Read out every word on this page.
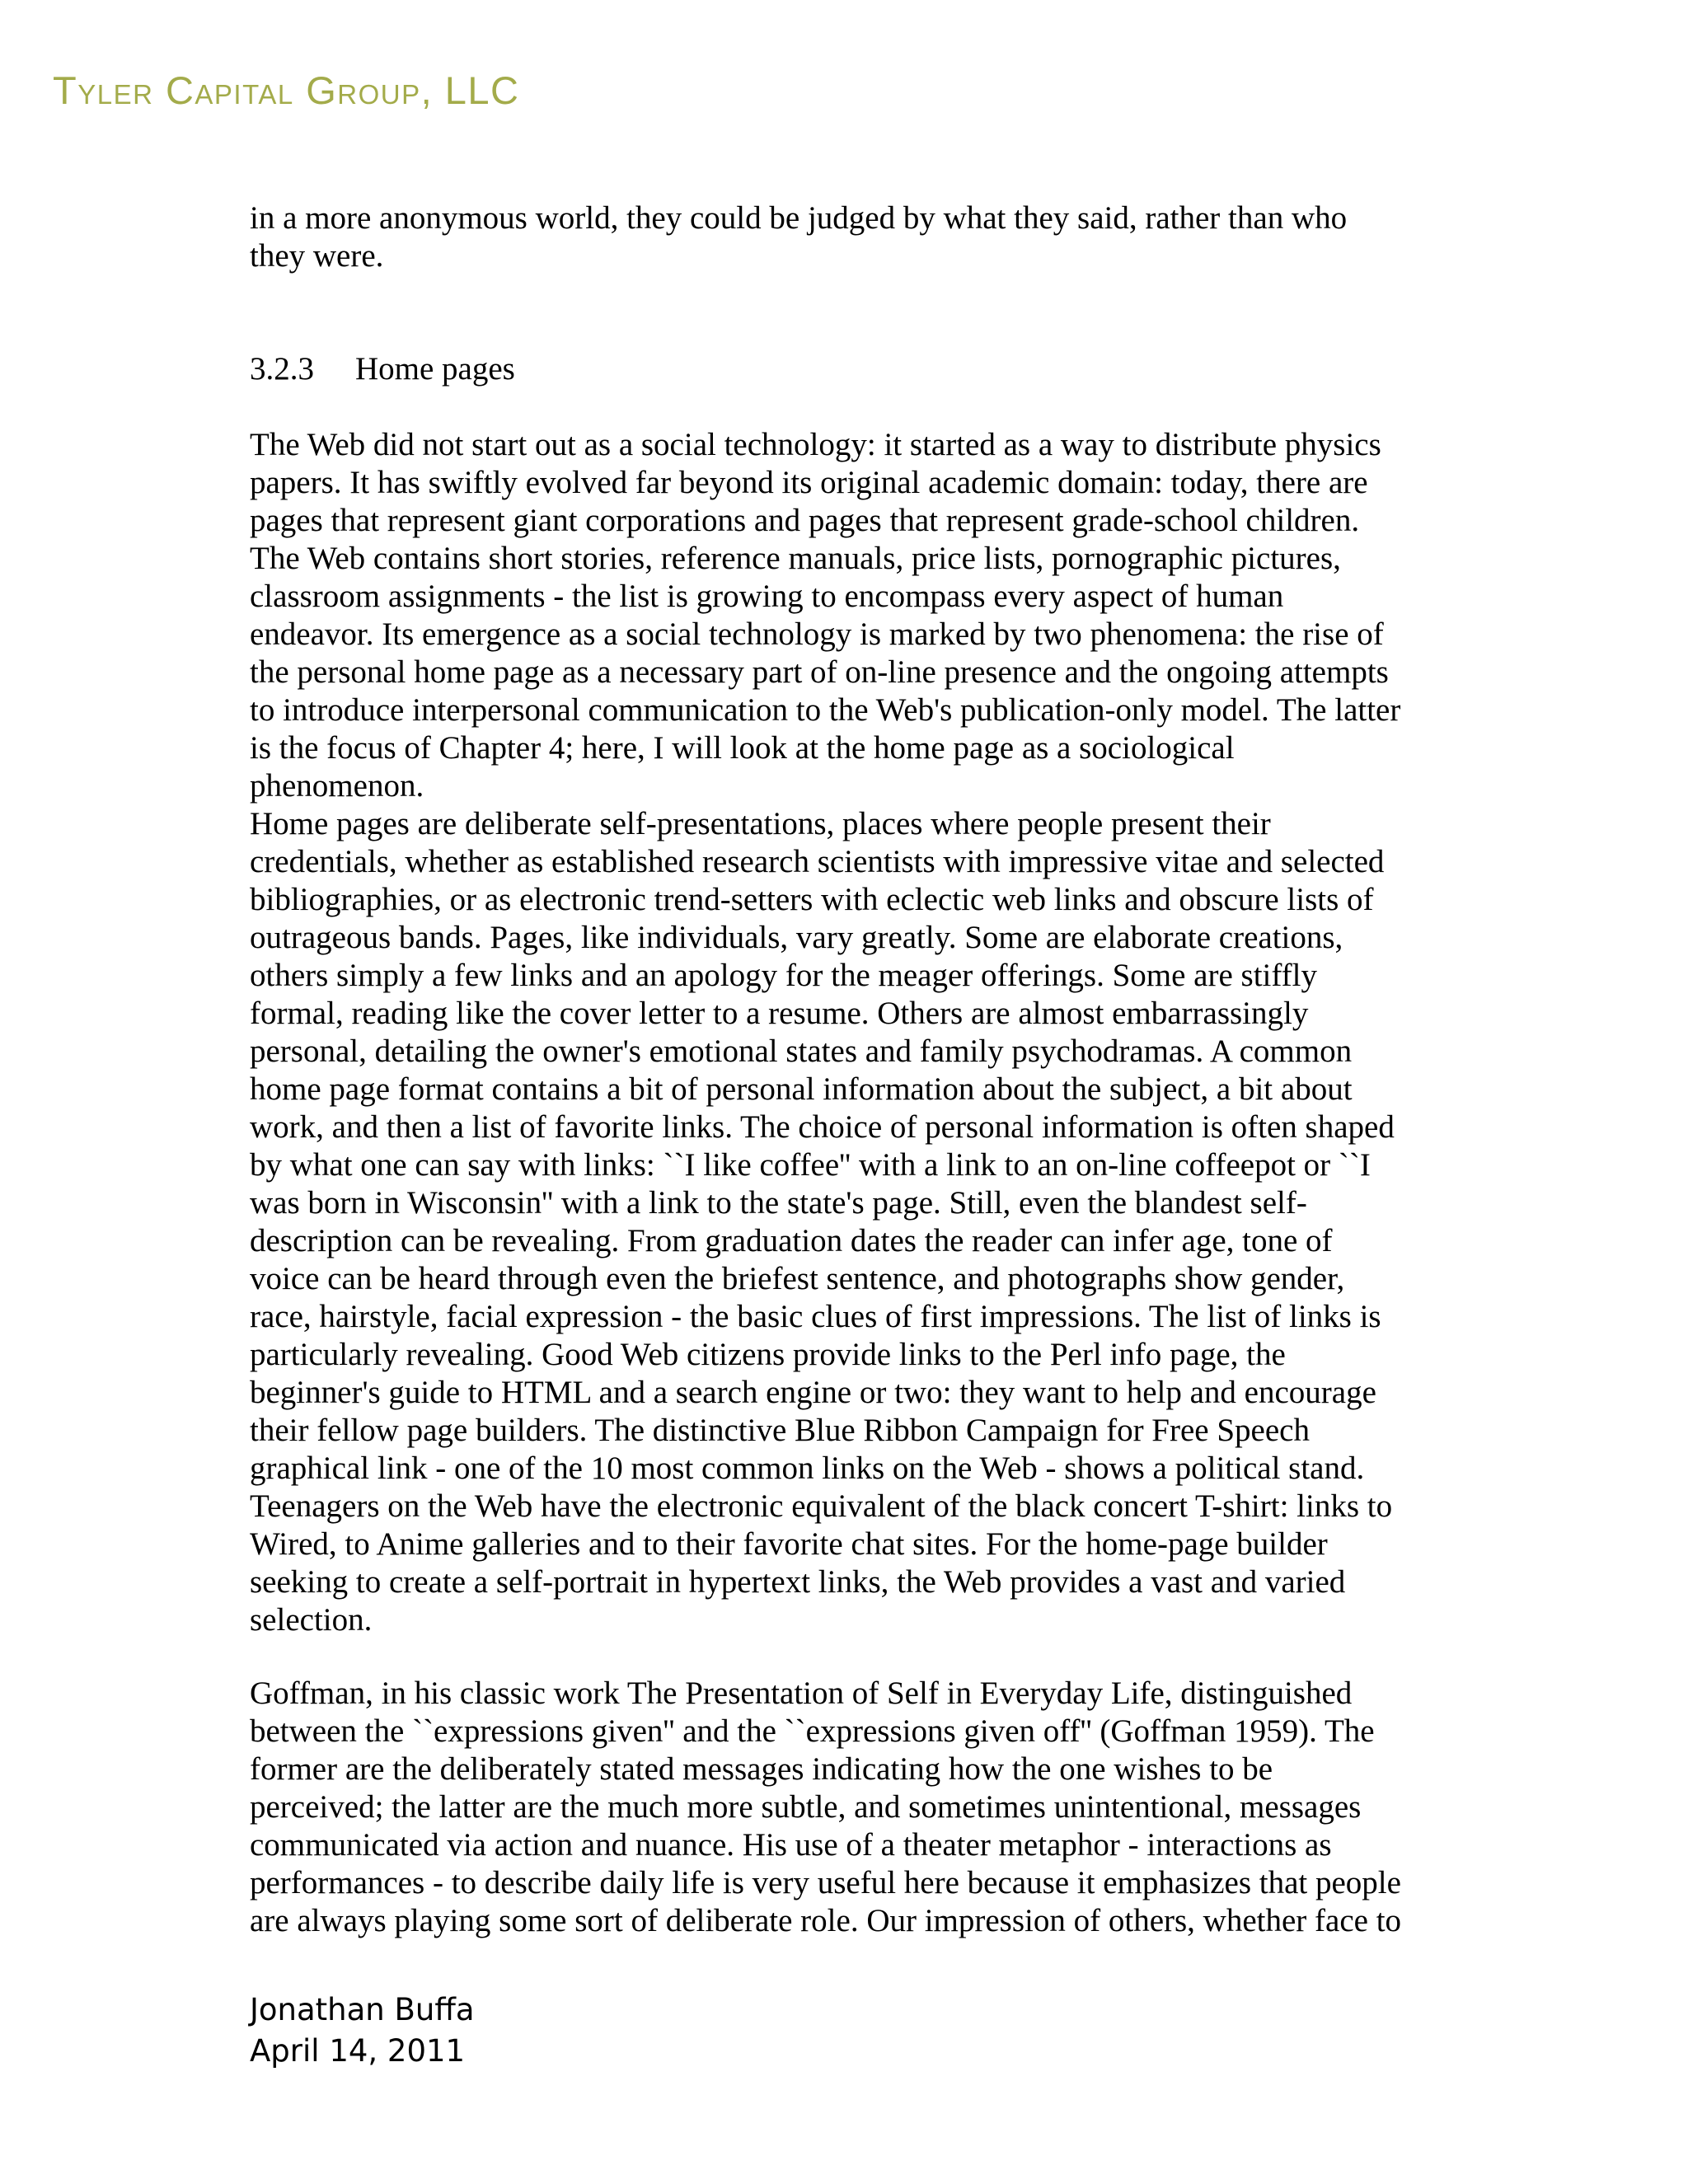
Tyler Capital Group, LLC

in a more anonymous world, they could be judged by what they said, rather than who
they were.

3.2.3 Home pages

The Web did not start out as a social technology: it started as a way to distribute physics
papers. It has swiftly evolved far beyond its original academic domain: today, there are
pages that represent giant corporations and pages that represent grade-school children.
The Web contains short stories, reference manuals, price lists, pornographic pictures,
classroom assignments - the list is growing to encompass every aspect of human
endeavor. Its emergence as a social technology is marked by two phenomena: the rise of
the personal home page as a necessary part of on-line presence and the ongoing attempts
to introduce interpersonal communication to the Web's publication-only model. The latter
is the focus of Chapter 4; here, I will look at the home page as a sociological
phenomenon.

Home pages are deliberate self-presentations, places where people present their
credentials, whether as established research scientists with impressive vitae and selected
bibliographies, or as electronic trend-setters with eclectic web links and obscure lists of
outrageous bands. Pages, like individuals, vary greatly. Some are elaborate creations,
others simply a few links and an apology for the meager offerings. Some are stiffly
formal, reading like the cover letter to a resume. Others are almost embarrassingly
personal, detailing the owner's emotional states and family psychodramas. A common
home page format contains a bit of personal information about the subject, a bit about
work, and then a list of favorite links. The choice of personal information is often shaped
by what one can say with links: ``I like coffee'' with a link to an on-line coffeepot or ``I
was born in Wisconsin'' with a link to the state's page. Still, even the blandest self-
description can be revealing. From graduation dates the reader can infer age, tone of
voice can be heard through even the briefest sentence, and photographs show gender,
race, hairstyle, facial expression - the basic clues of first impressions. The list of links is
particularly revealing. Good Web citizens provide links to the Perl info page, the
beginner's guide to HTML and a search engine or two: they want to help and encourage
their fellow page builders. The distinctive Blue Ribbon Campaign for Free Speech
graphical link - one of the 10 most common links on the Web - shows a political stand.
Teenagers on the Web have the electronic equivalent of the black concert T-shirt: links to
Wired, to Anime galleries and to their favorite chat sites. For the home-page builder
seeking to create a self-portrait in hypertext links, the Web provides a vast and varied
selection.

Goffman, in his classic work The Presentation of Self in Everyday Life, distinguished
between the ``expressions given'' and the ``expressions given off'' (Goffman 1959). The
former are the deliberately stated messages indicating how the one wishes to be
perceived; the latter are the much more subtle, and sometimes unintentional, messages
communicated via action and nuance. His use of a theater metaphor - interactions as
performances - to describe daily life is very useful here because it emphasizes that people
are always playing some sort of deliberate role. Our impression of others, whether face to

Jonathan Buffa
April 14, 2011
